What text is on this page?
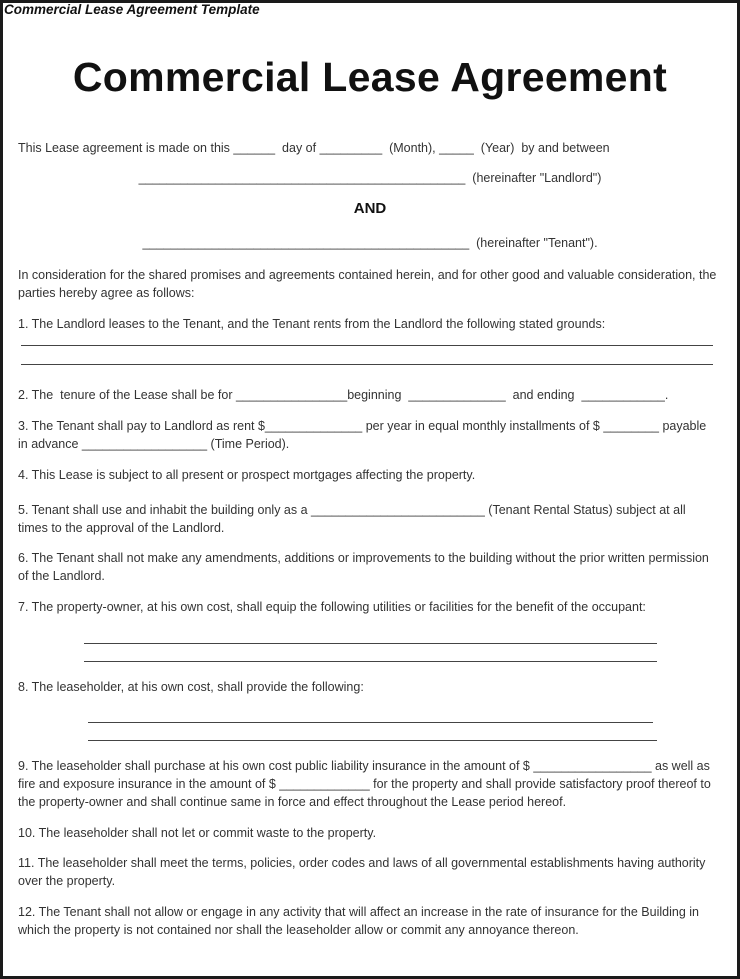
Commercial Lease Agreement Template
Commercial Lease Agreement
This Lease agreement is made on this ______  day of _________  (Month), _____  (Year)  by and between
_______________________________________________  (hereinafter "Landlord")
AND
_______________________________________________  (hereinafter "Tenant").
In consideration for the shared promises and agreements contained herein, and for other good and valuable consideration, the parties hereby agree as follows:
1. The Landlord leases to the Tenant, and the Tenant rents from the Landlord the following stated grounds:
2. The  tenure of the Lease shall be for ________________beginning  ______________  and ending  ____________.
3. The Tenant shall pay to Landlord as rent $______________ per year in equal monthly installments of $ ________ payable in advance __________________ (Time Period).
4. This Lease is subject to all present or prospect mortgages affecting the property.
5. Tenant shall use and inhabit the building only as a _________________________ (Tenant Rental Status) subject at all times to the approval of the Landlord.
6. The Tenant shall not make any amendments, additions or improvements to the building without the prior written permission of the Landlord.
7. The property-owner, at his own cost, shall equip the following utilities or facilities for the benefit of the occupant:
8. The leaseholder, at his own cost, shall provide the following:
9. The leaseholder shall purchase at his own cost public liability insurance in the amount of $ _________________ as well as fire and exposure insurance in the amount of $ _____________ for the property and shall provide satisfactory proof thereof to the property-owner and shall continue same in force and effect throughout the Lease period hereof.
10. The leaseholder shall not let or commit waste to the property.
11. The leaseholder shall meet the terms, policies, order codes and laws of all governmental establishments having authority over the property.
12. The Tenant shall not allow or engage in any activity that will affect an increase in the rate of insurance for the Building in which the property is not contained nor shall the leaseholder allow or commit any annoyance thereon.
